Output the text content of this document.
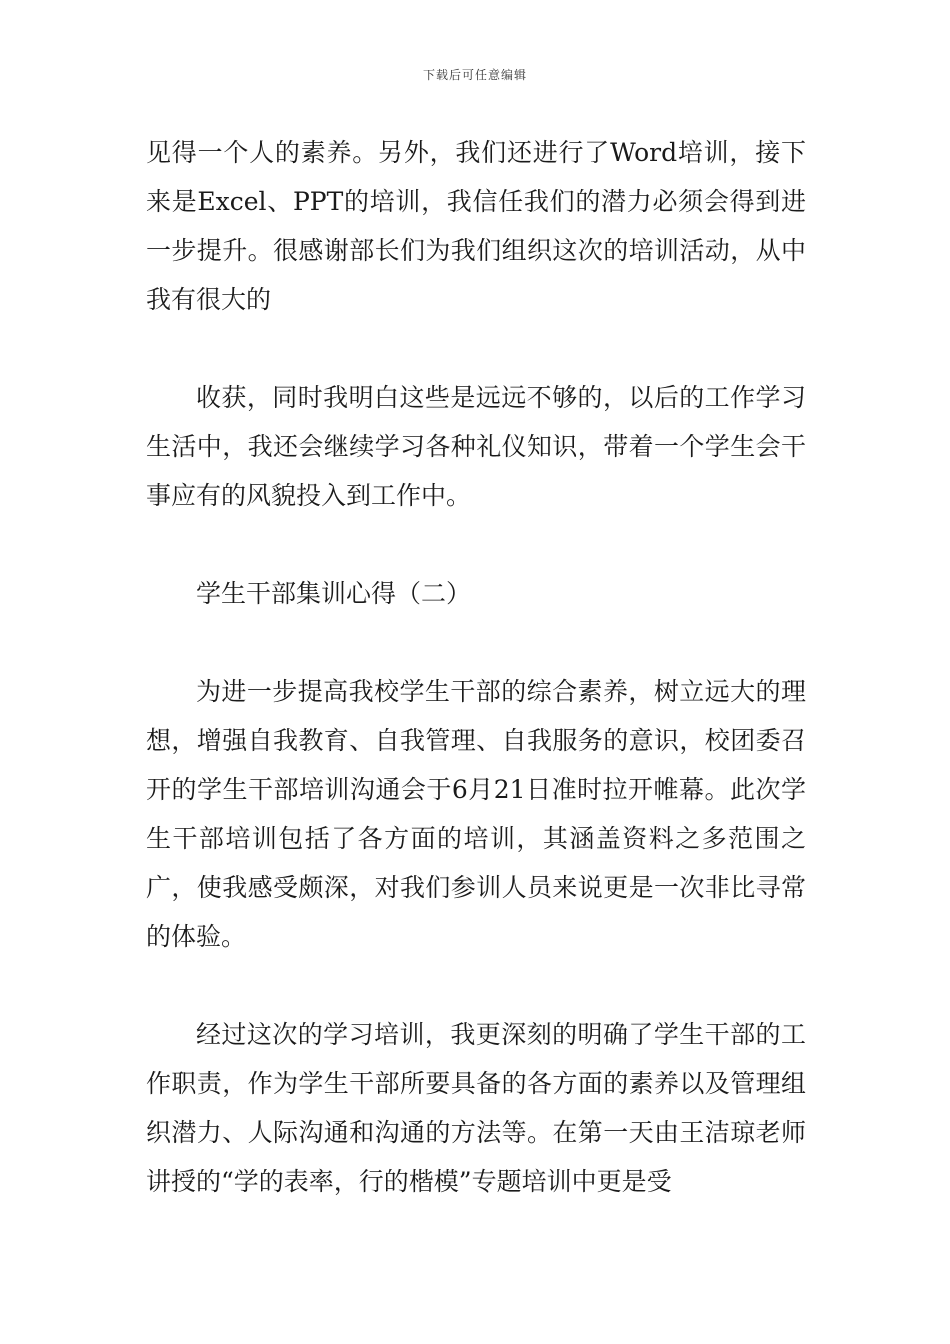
下载后可任意编辑

见得一个人的素养。另外，我们还进行了Word培训，接下来是Excel、PPT的培训，我信任我们的潜力必须会得到进一步提升。很感谢部长们为我们组织这次的培训活动，从中我有很大的

收获，同时我明白这些是远远不够的，以后的工作学习生活中，我还会继续学习各种礼仪知识，带着一个学生会干事应有的风貌投入到工作中。

学生干部集训心得（二）

为进一步提高我校学生干部的综合素养，树立远大的理想，增强自我教育、自我管理、自我服务的意识，校团委召开的学生干部培训沟通会于6月21日准时拉开帷幕。此次学生干部培训包括了各方面的培训，其涵盖资料之多范围之广，使我感受颇深，对我们参训人员来说更是一次非比寻常的体验。

经过这次的学习培训，我更深刻的明确了学生干部的工作职责，作为学生干部所要具备的各方面的素养以及管理组织潜力、人际沟通和沟通的方法等。在第一天由王洁琼老师讲授的“学的表率，行的楷模”专题培训中更是受
